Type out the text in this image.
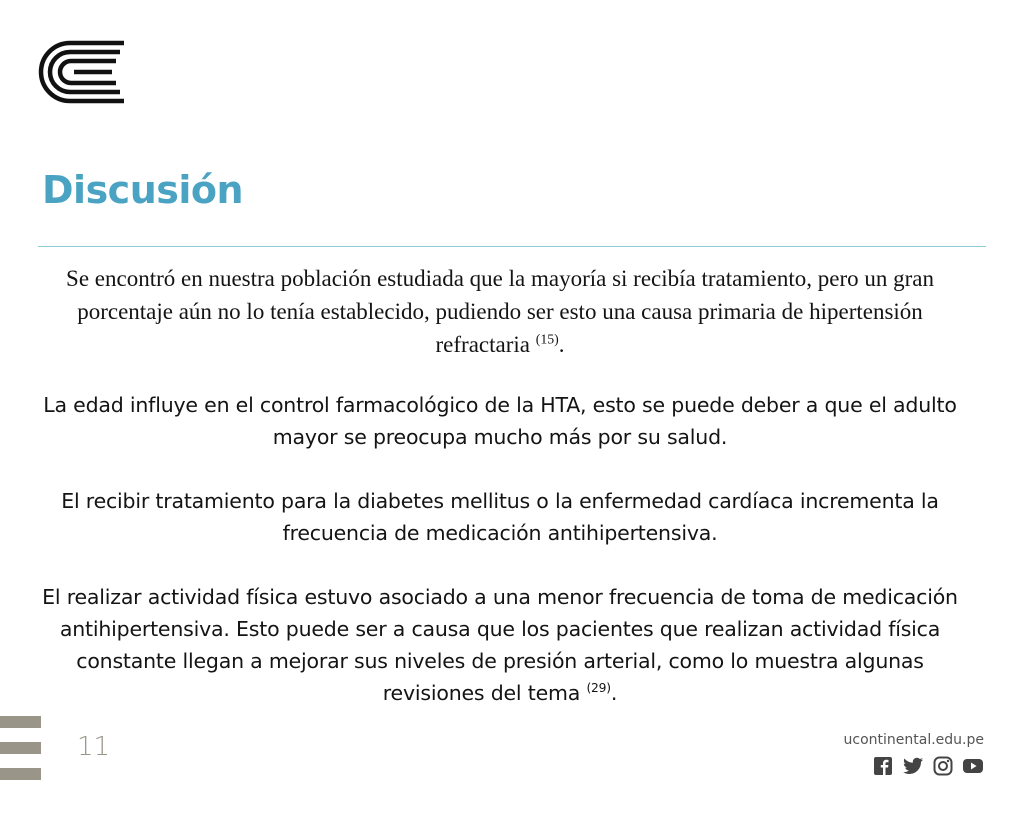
Discusión

Se encontró en nuestra población estudiada que la mayoría si recibía tratamiento, pero un gran porcentaje aún no lo tenía establecido, pudiendo ser esto una causa primaria de hipertensión refractaria $^{(15)}$.

La edad influye en el control farmacológico de la HTA, esto se puede deber a que el adulto mayor se preocupa mucho más por su salud.

El recibir tratamiento para la diabetes mellitus o la enfermedad cardíaca incrementa la frecuencia de medicación antihipertensiva.

El realizar actividad física estuvo asociado a una menor frecuencia de toma de medicación antihipertensiva. Esto puede ser a causa que los pacientes que realizan actividad física constante llegan a mejorar sus niveles de presión arterial, como lo muestra algunas revisiones del tema $^{(29)}$.

11	ucontinental.edu.pe
